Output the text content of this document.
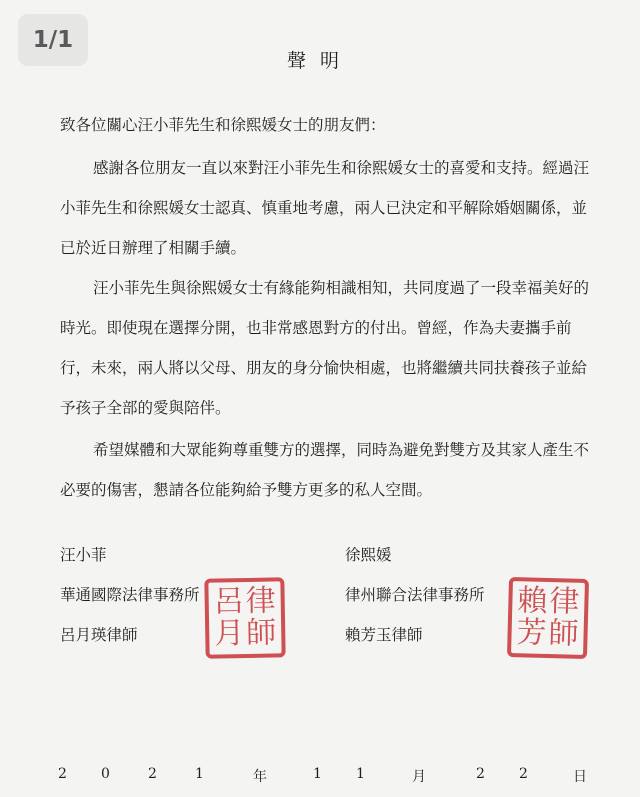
1/1
聲明
致各位關心汪小菲先生和徐熙媛女士的朋友們：
感謝各位朋友一直以來對汪小菲先生和徐熙媛女士的喜愛和支持。經過汪
小菲先生和徐熙媛女士認真、慎重地考慮，兩人已決定和平解除婚姻關係，並
已於近日辦理了相關手續。
汪小菲先生與徐熙媛女士有緣能夠相識相知，共同度過了一段幸福美好的
時光。即使現在選擇分開，也非常感恩對方的付出。曾經，作為夫妻攜手前
行，未來，兩人將以父母、朋友的身分愉快相處，也將繼續共同扶養孩子並給
予孩子全部的愛與陪伴。
希望媒體和大眾能夠尊重雙方的選擇，同時為避免對雙方及其家人產生不
必要的傷害，懇請各位能夠給予雙方更多的私人空間。
汪小菲
華通國際法律事務所
呂月瑛律師
呂 律
月 師
徐熙媛
律州聯合法律事務所
賴芳玉律師
賴 律
芳 師
2 0	2	1	年	1 1	月	2 2	日
